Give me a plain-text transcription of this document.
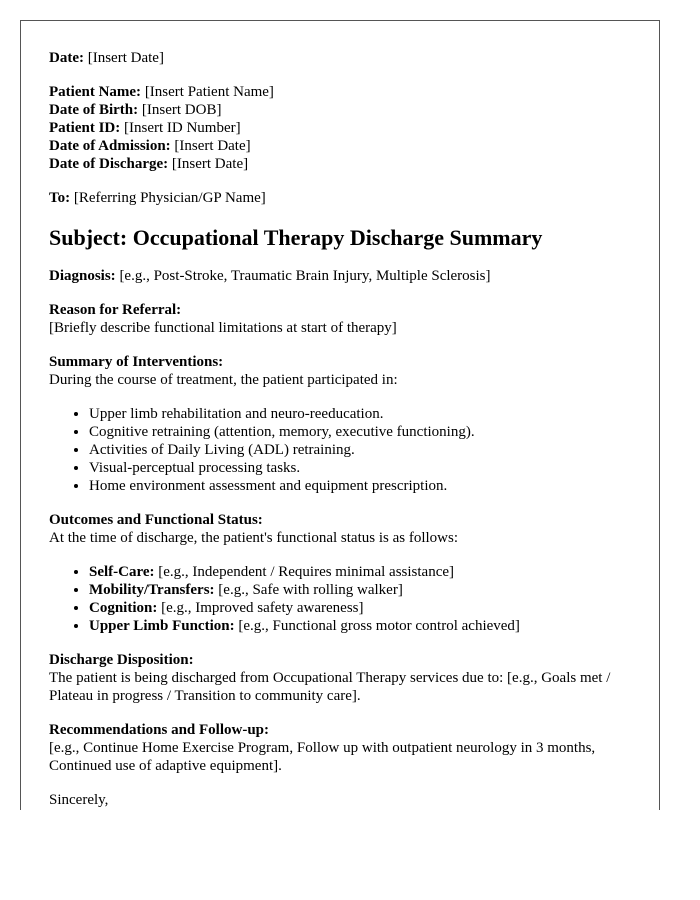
Date: [Insert Date]

Patient Name: [Insert Patient Name]

Date of Birth: [Insert DOB]

Patient ID: [Insert ID Number]

Date of Admission: [Insert Date]

Date of Discharge: [Insert Date]

To: [Referring Physician/GP Name]

Subject: Occupational Therapy Discharge Summary

Diagnosis: [e.g., Post-Stroke, Traumatic Brain Injury, Multiple Sclerosis]

Reason for Referral:

[Briefly describe functional limitations at start of therapy]

Summary of Interventions:

During the course of treatment, the patient participated in:

• Upper limb rehabilitation and neuro-reeducation.
• Cognitive retraining (attention, memory, executive functioning).
• Activities of Daily Living (ADL) retraining.
• Visual-perceptual processing tasks.
• Home environment assessment and equipment prescription.

Outcomes and Functional Status:

At the time of discharge, the patient's functional status is as follows:

• Self-Care: [e.g., Independent / Requires minimal assistance]
• Mobility/Transfers: [e.g., Safe with rolling walker]
• Cognition: [e.g., Improved safety awareness]
• Upper Limb Function: [e.g., Functional gross motor control achieved]

Discharge Disposition:

The patient is being discharged from Occupational Therapy services due to: [e.g., Goals met / Plateau in progress / Transition to community care].

Recommendations and Follow-up:

[e.g., Continue Home Exercise Program, Follow up with outpatient neurology in 3 months, Continued use of adaptive equipment].

Sincerely,
